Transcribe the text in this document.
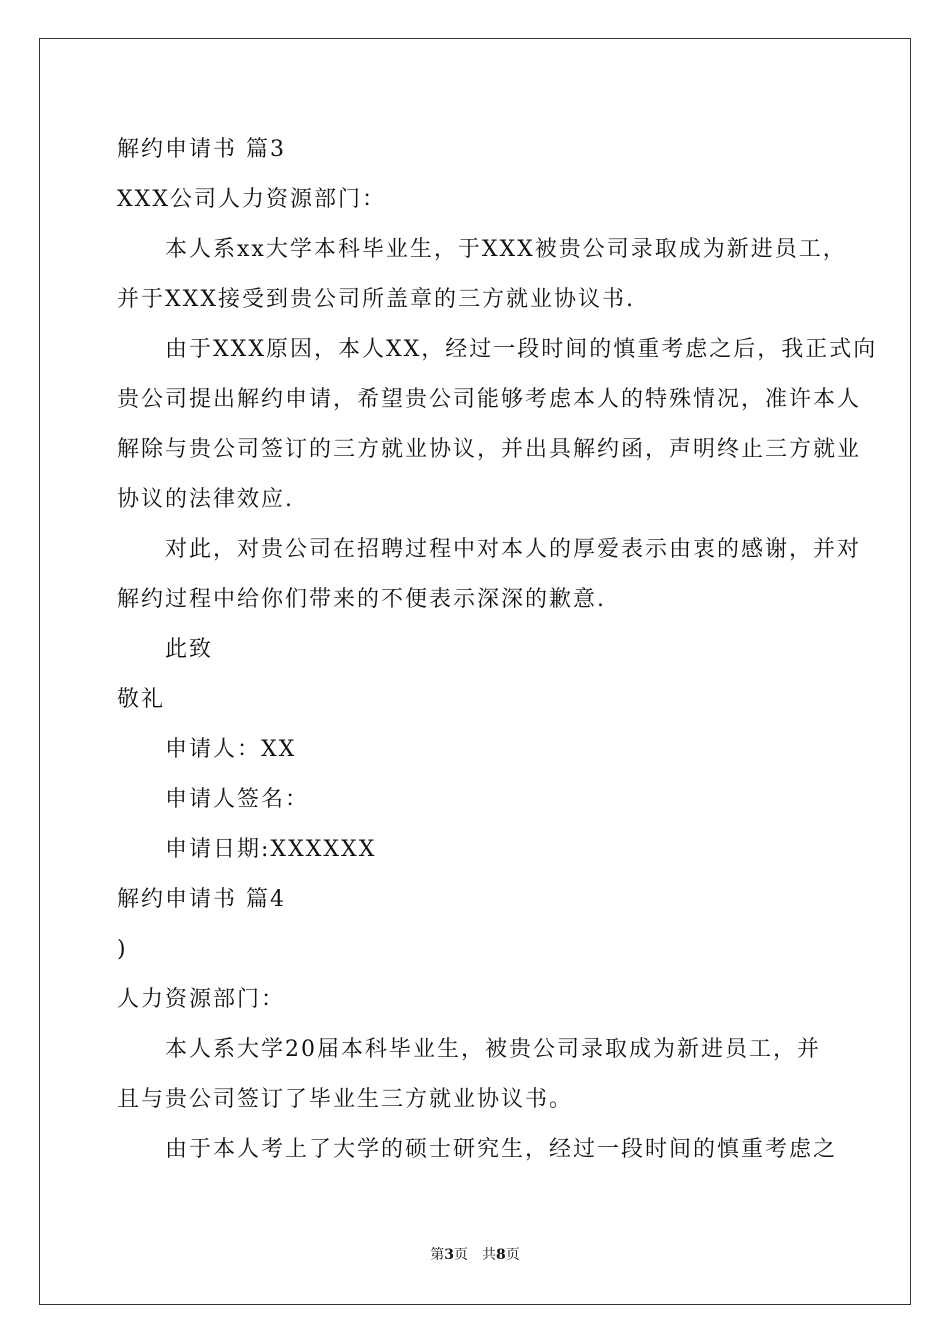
解约申请书 篇3
XXX公司人力资源部门：
本人系xx大学本科毕业生，于XXX被贵公司录取成为新进员工，
并于XXX接受到贵公司所盖章的三方就业协议书.
由于XXX原因，本人XX，经过一段时间的慎重考虑之后，我正式向
贵公司提出解约申请，希望贵公司能够考虑本人的特殊情况，准许本人
解除与贵公司签订的三方就业协议，并出具解约函，声明终止三方就业
协议的法律效应.
对此，对贵公司在招聘过程中对本人的厚爱表示由衷的感谢，并对
解约过程中给你们带来的不便表示深深的歉意.
此致
敬礼
申请人：XX
申请人签名：
申请日期:XXXXXX
解约申请书 篇4
)
人力资源部门：
本人系大学20届本科毕业生，被贵公司录取成为新进员工，并
且与贵公司签订了毕业生三方就业协议书。
由于本人考上了大学的硕士研究生，经过一段时间的慎重考虑之
第3页 共8页
